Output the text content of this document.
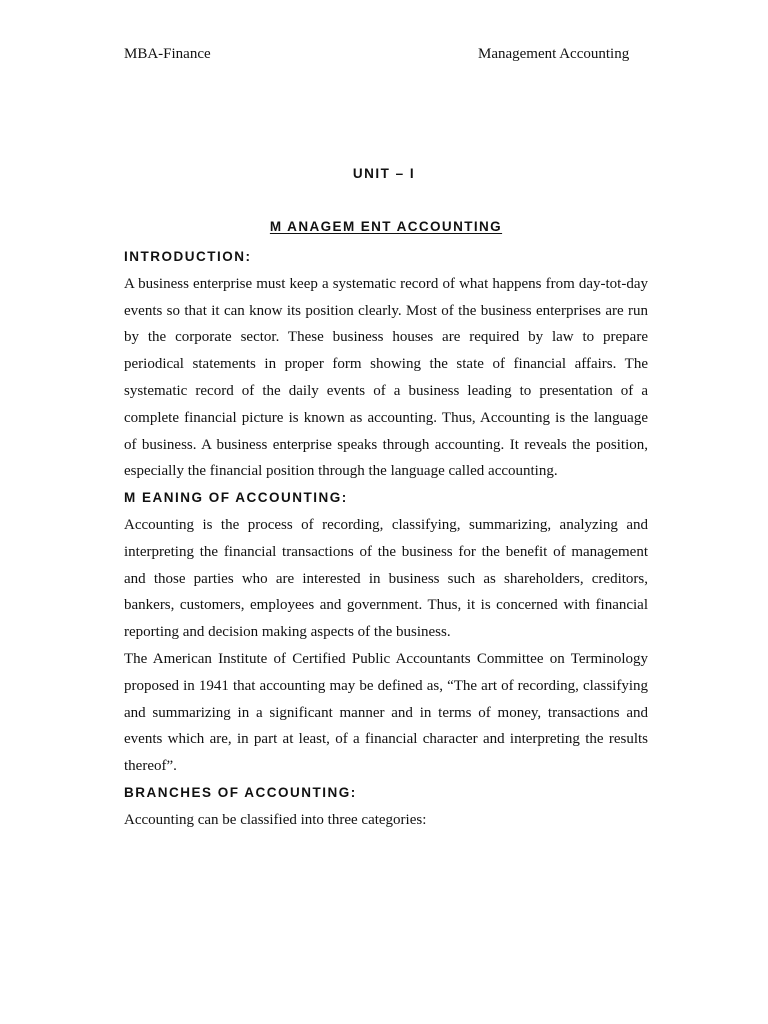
MBA-Finance	Management Accounting
UNIT – I
M ANAGEM ENT ACCOUNTING
INTRODUCTION:

A business enterprise must keep a systematic record of what happens from day-tot-day events so that it can know its position clearly. Most of the business enterprises are run by the corporate sector. These business houses are required by law to prepare periodical statements in proper form showing the state of financial affairs. The systematic record of the daily events of a business leading to presentation of a complete financial picture is known as accounting. Thus, Accounting is the language of business. A business enterprise speaks through accounting. It reveals the position, especially the financial position through the language called accounting.

M EANING OF ACCOUNTING:

Accounting is the process of recording, classifying, summarizing, analyzing and interpreting the financial transactions of the business for the benefit of management and those parties who are interested in business such as shareholders, creditors, bankers, customers, employees and government. Thus, it is concerned with financial reporting and decision making aspects of the business.

The American Institute of Certified Public Accountants Committee on Terminology proposed in 1941 that accounting may be defined as, “The art of recording, classifying and summarizing in a significant manner and in terms of money, transactions and events which are, in part at least, of a financial character and interpreting the results thereof”.

BRANCHES OF ACCOUNTING:

Accounting can be classified into three categories:
